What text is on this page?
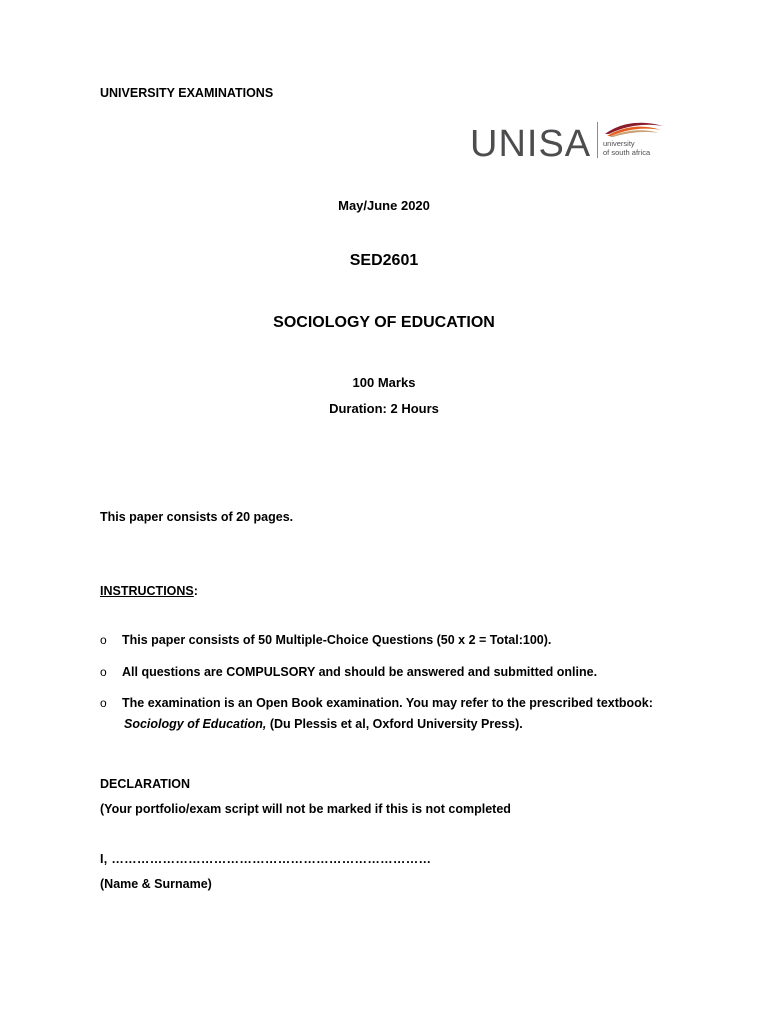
UNIVERSITY EXAMINATIONS
UNISA university
of south africa
May/June 2020
SED2601
SOCIOLOGY OF EDUCATION
100 Marks
Duration: 2 Hours
This paper consists of 20 pages.
INSTRUCTIONS:
o This paper consists of 50 Multiple-Choice Questions (50 x 2 = Total:100).
o All questions are COMPULSORY and should be answered and submitted online.
o The examination is an Open Book examination. You may refer to the prescribed textbook:
Sociology of Education, (Du Plessis et al, Oxford University Press).
DECLARATION
(Your portfolio/exam script will not be marked if this is not completed
I, …………………………………………………………………
(Name & Surname)
